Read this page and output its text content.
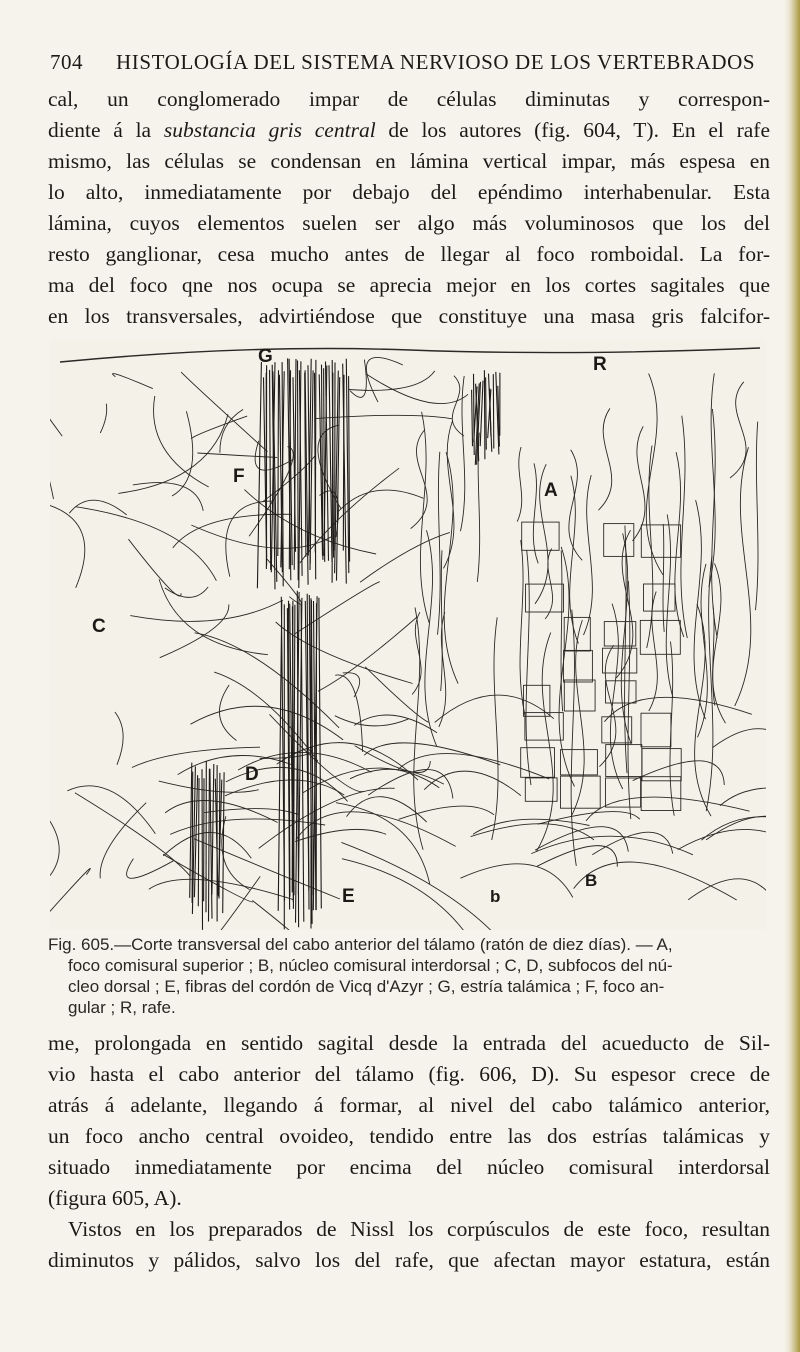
704 HISTOLOGÍA DEL SISTEMA NERVIOSO DE LOS VERTEBRADOS
cal, un conglomerado impar de células diminutas y correspon-
diente á la substancia gris central de los autores (fig. 604, T). En el rafe
mismo, las células se condensan en lámina vertical impar, más espesa en
lo alto, inmediatamente por debajo del epéndimo interhabenular. Esta
lámina, cuyos elementos suelen ser algo más voluminosos que los del
resto ganglionar, cesa mucho antes de llegar al foco romboidal. La for-
ma del foco qne nos ocupa se aprecia mejor en los cortes sagitales que
en los transversales, advirtiéndose que constituye una masa gris falcifor-
G	R
F
A
C
D
E	b
B
Fig. 605.—Corte transversal del cabo anterior del tálamo (ratón de diez días). — A,
foco comisural superior ; B, núcleo comisural interdorsal ; C, D, subfocos del nú-
cleo dorsal ; E, fibras del cordón de Vicq d'Azyr ; G, estría talámica ; F, foco an-
gular ; R, rafe.
me, prolongada en sentido sagital desde la entrada del acueducto de Sil-
vio hasta el cabo anterior del tálamo (fig. 606, D). Su espesor crece de
atrás á adelante, llegando á formar, al nivel del cabo talámico anterior,
un foco ancho central ovoideo, tendido entre las dos estrías talámicas y
situado inmediatamente por encima del núcleo comisural interdorsal
(figura 605, A).
Vistos en los preparados de Nissl los corpúsculos de este foco, resultan
diminutos y pálidos, salvo los del rafe, que afectan mayor estatura, están
